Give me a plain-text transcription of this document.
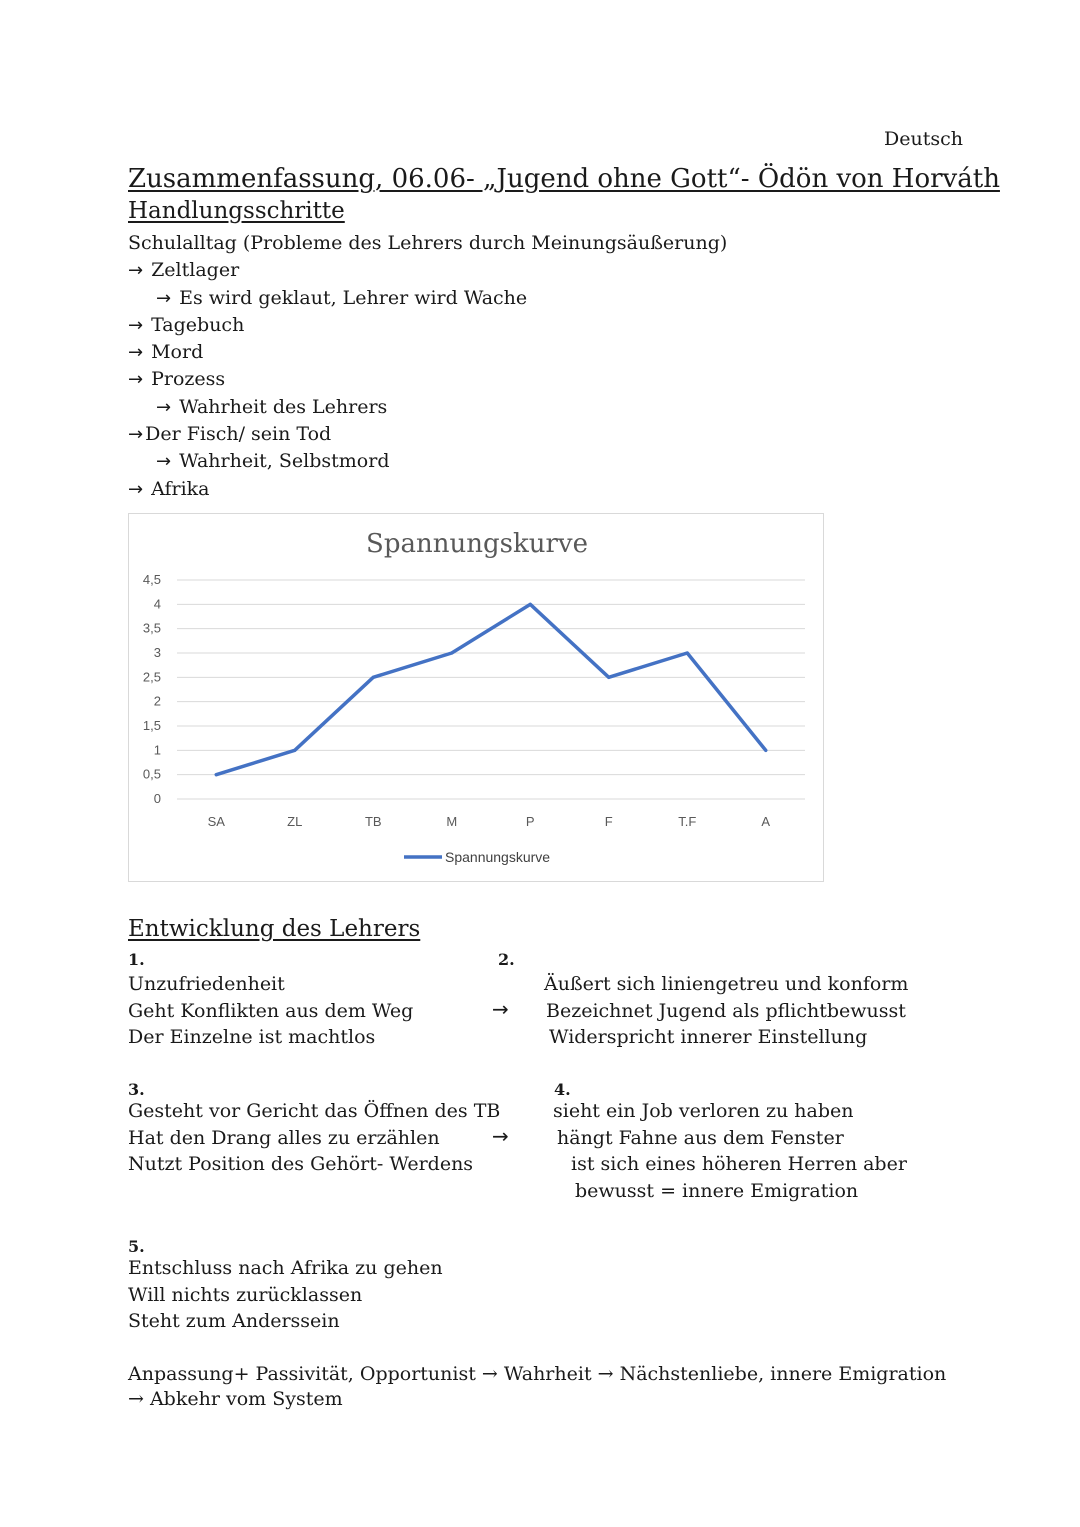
Deutsch
Zusammenfassung, 06.06- „Jugend ohne Gott“- Ödön von Horváth
Handlungsschritte
Schulalltag (Probleme des Lehrers durch Meinungsäußerung)
→ Zeltlager
→ Es wird geklaut, Lehrer wird Wache
→ Tagebuch
→ Mord
→ Prozess
→ Wahrheit des Lehrers
→ Der Fisch/ sein Tod
→ Wahrheit, Selbstmord
→ Afrika
Spannungskurve
0
0,5
1
1,5
2
2,5
3
3,5
4
4,5
SA	ZL	TB	M	P	F	T.F	A
Spannungskurve
Entwicklung des Lehrers
1.
Unzufriedenheit
Geht Konflikten aus dem Weg
Der Einzelne ist machtlos
2.
→
Äußert sich liniengetreu und konform
Bezeichnet Jugend als pflichtbewusst
Widerspricht innerer Einstellung
3.
Gesteht vor Gericht das Öffnen des TB
Hat den Drang alles zu erzählen
Nutzt Position des Gehört- Werdens
4.
→
sieht ein Job verloren zu haben
hängt Fahne aus dem Fenster
ist sich eines höheren Herren aber
bewusst = innere Emigration
5.
Entschluss nach Afrika zu gehen
Will nichts zurücklassen
Steht zum Anderssein
Anpassung+ Passivität, Opportunist → Wahrheit → Nächstenliebe, innere Emigration → Abkehr vom System
